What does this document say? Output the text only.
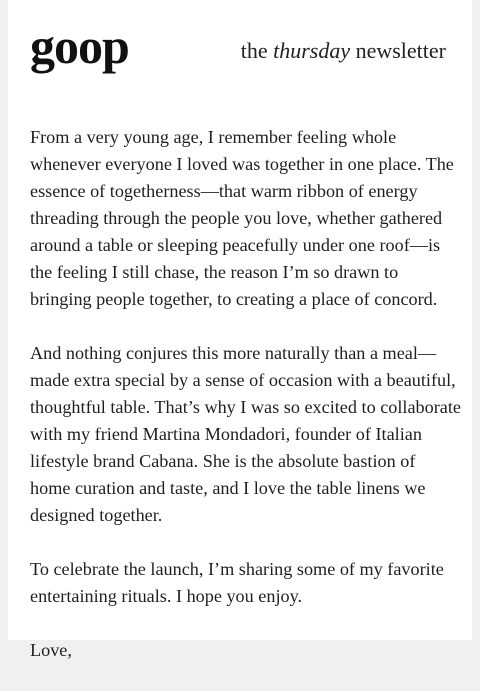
goop	the thursday newsletter

From a very young age, I remember feeling whole
whenever everyone I loved was together in one place. The
essence of togetherness—that warm ribbon of energy
threading through the people you love, whether gathered
around a table or sleeping peacefully under one roof—is
the feeling I still chase, the reason I’m so drawn to
bringing people together, to creating a place of concord.

And nothing conjures this more naturally than a meal—
made extra special by a sense of occasion with a beautiful,
thoughtful table. That’s why I was so excited to collaborate
with my friend Martina Mondadori, founder of Italian
lifestyle brand Cabana. She is the absolute bastion of
home curation and taste, and I love the table linens we
designed together.

To celebrate the launch, I’m sharing some of my favorite
entertaining rituals. I hope you enjoy.

Love,
